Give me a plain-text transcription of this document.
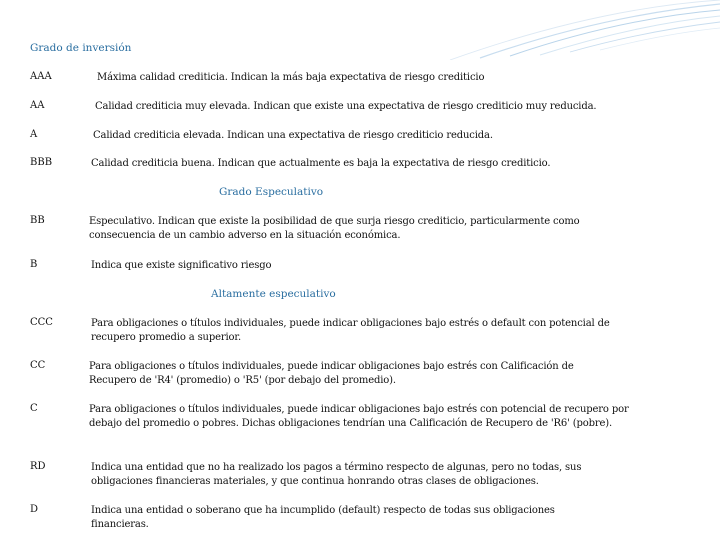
Grado de inversión
AAA	Máxima calidad crediticia. Indican la más baja expectativa de riesgo crediticio
AA	Calidad crediticia muy elevada. Indican que existe una expectativa de riesgo crediticio muy reducida.
A	Calidad crediticia elevada. Indican una expectativa de riesgo crediticio reducida.
BBB	Calidad crediticia buena. Indican que actualmente es baja la expectativa de riesgo crediticio.
Grado Especulativo
BB	Especulativo. Indican que existe la posibilidad de que surja riesgo crediticio, particularmente como consecuencia de un cambio adverso en la situación económica.
B	Indica que existe significativo riesgo
Altamente especulativo
CCC	Para obligaciones o títulos individuales, puede indicar obligaciones bajo estrés o default con potencial de recupero promedio a superior.
CC	Para obligaciones o títulos individuales, puede indicar obligaciones bajo estrés con Calificación de Recupero de 'R4' (promedio) o 'R5' (por debajo del promedio).
C	Para obligaciones o títulos individuales, puede indicar obligaciones bajo estrés con potencial de recupero por debajo del promedio o pobres. Dichas obligaciones tendrían una Calificación de Recupero de 'R6' (pobre).
RD	Indica una entidad que no ha realizado los pagos a término respecto de algunas, pero no todas, sus obligaciones financieras materiales, y que continua honrando otras clases de obligaciones.
D	Indica una entidad o soberano que ha incumplido (default) respecto de todas sus obligaciones financieras.
